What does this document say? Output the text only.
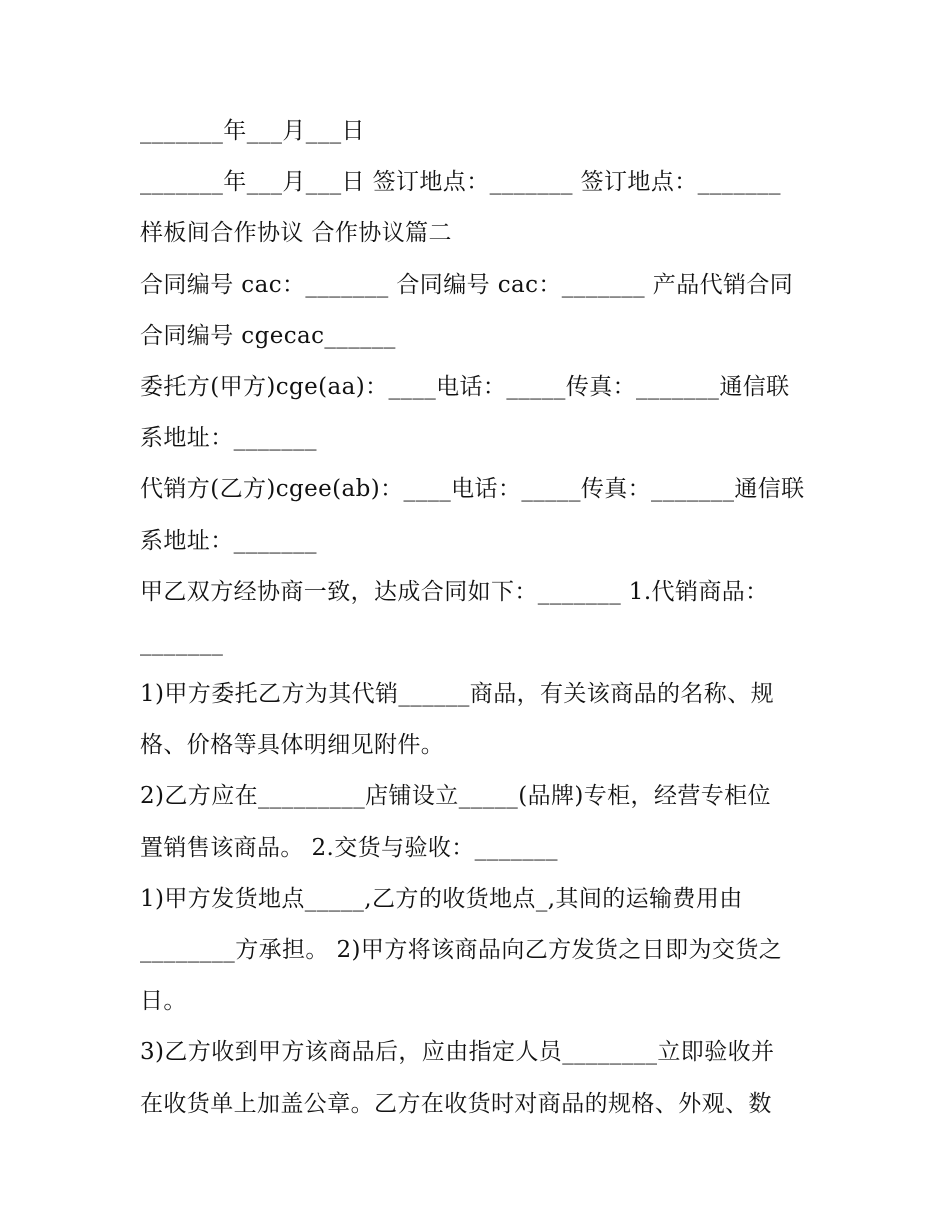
_______年___月___日
_______年___月___日 签订地点：_______ 签订地点：_______
样板间合作协议 合作协议篇二
合同编号 cac：_______ 合同编号 cac：_______ 产品代销合同
合同编号 cgecac______
委托方(甲方)cge(aa)：____电话：_____传真：_______通信联
系地址：_______
代销方(乙方)cgee(ab)：____电话：_____传真：_______通信联
系地址：_______
甲乙双方经协商一致，达成合同如下：_______ 1.代销商品：
_______
1)甲方委托乙方为其代销______商品，有关该商品的名称、规
格、价格等具体明细见附件。
2)乙方应在_________店铺设立_____(品牌)专柜，经营专柜位
置销售该商品。 2.交货与验收：_______
1)甲方发货地点_____,乙方的收货地点_,其间的运输费用由
________方承担。 2)甲方将该商品向乙方发货之日即为交货之
日。
3)乙方收到甲方该商品后，应由指定人员________立即验收并
在收货单上加盖公章。乙方在收货时对商品的规格、外观、数
